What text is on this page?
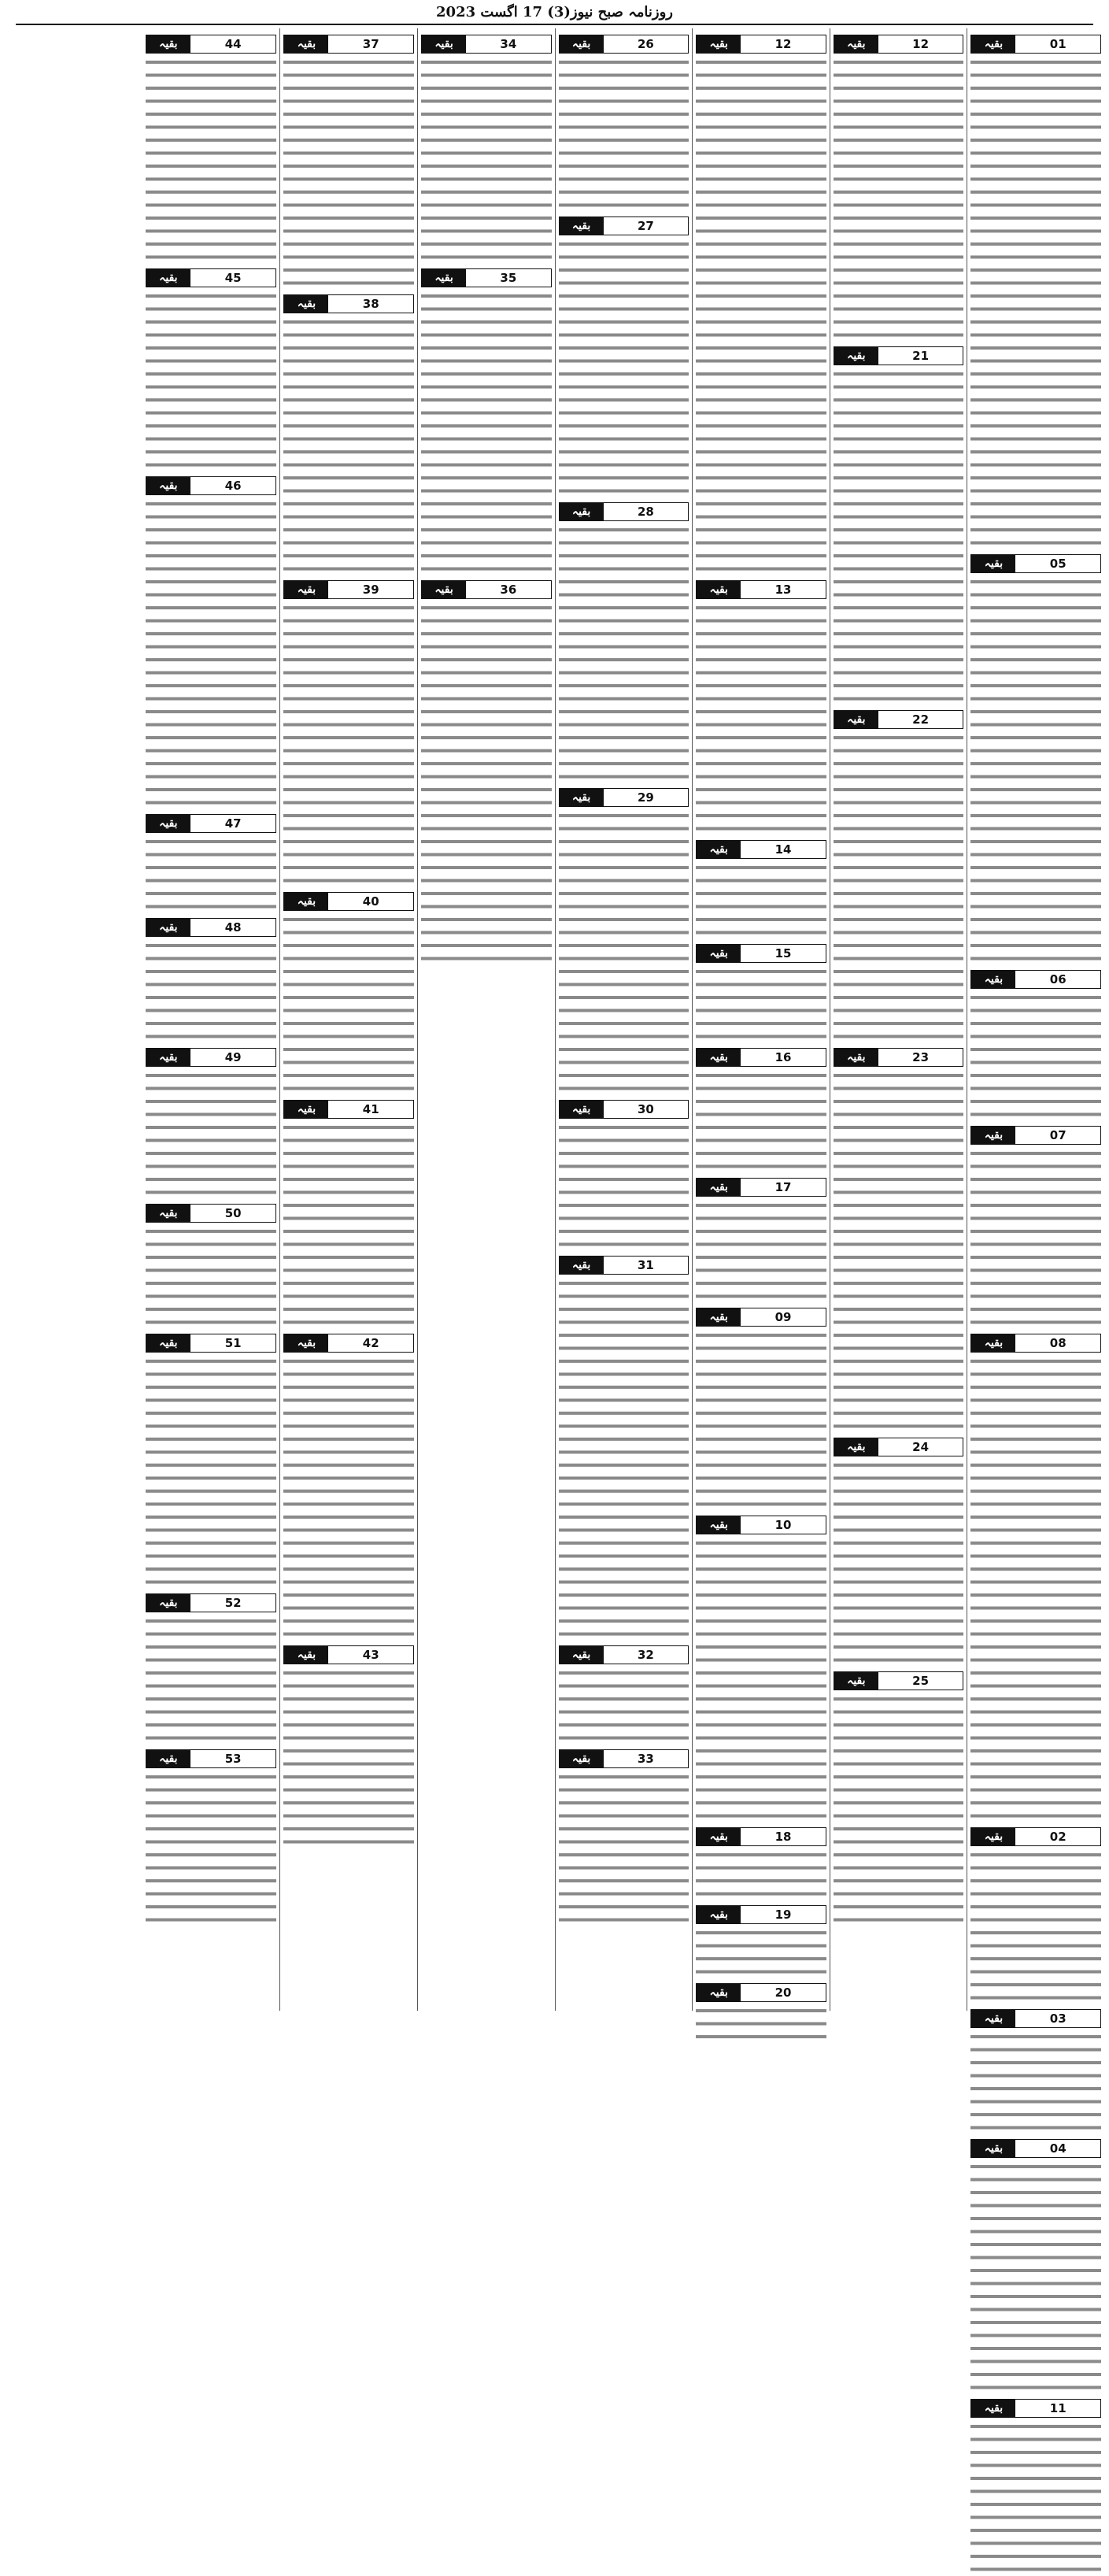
روزنامہ صبح نیوز(3) 17 اگست 2023
بقیہ	01
بقیہ	05
بقیہ	06
بقیہ	07
بقیہ	08
بقیہ	02
بقیہ	03
بقیہ	04
بقیہ	11
بقیہ	12
بقیہ	21
بقیہ	22
بقیہ	23
بقیہ	24
بقیہ	25
بقیہ	12
بقیہ	13
بقیہ	14
بقیہ	15
بقیہ	16
بقیہ	17
بقیہ	09
بقیہ	10
بقیہ	18
بقیہ	19
بقیہ	20
بقیہ	26
بقیہ	27
بقیہ	28
بقیہ	29
بقیہ	30
بقیہ	31
بقیہ	32
بقیہ	33
بقیہ	34
بقیہ	35
بقیہ	36
بقیہ	37
بقیہ	38
بقیہ	39
بقیہ	40
بقیہ	41
بقیہ	42
بقیہ	43
بقیہ	44
بقیہ	45
بقیہ	46
بقیہ	47
بقیہ	48
بقیہ	49
بقیہ	50
بقیہ	51
بقیہ	52
بقیہ	53
